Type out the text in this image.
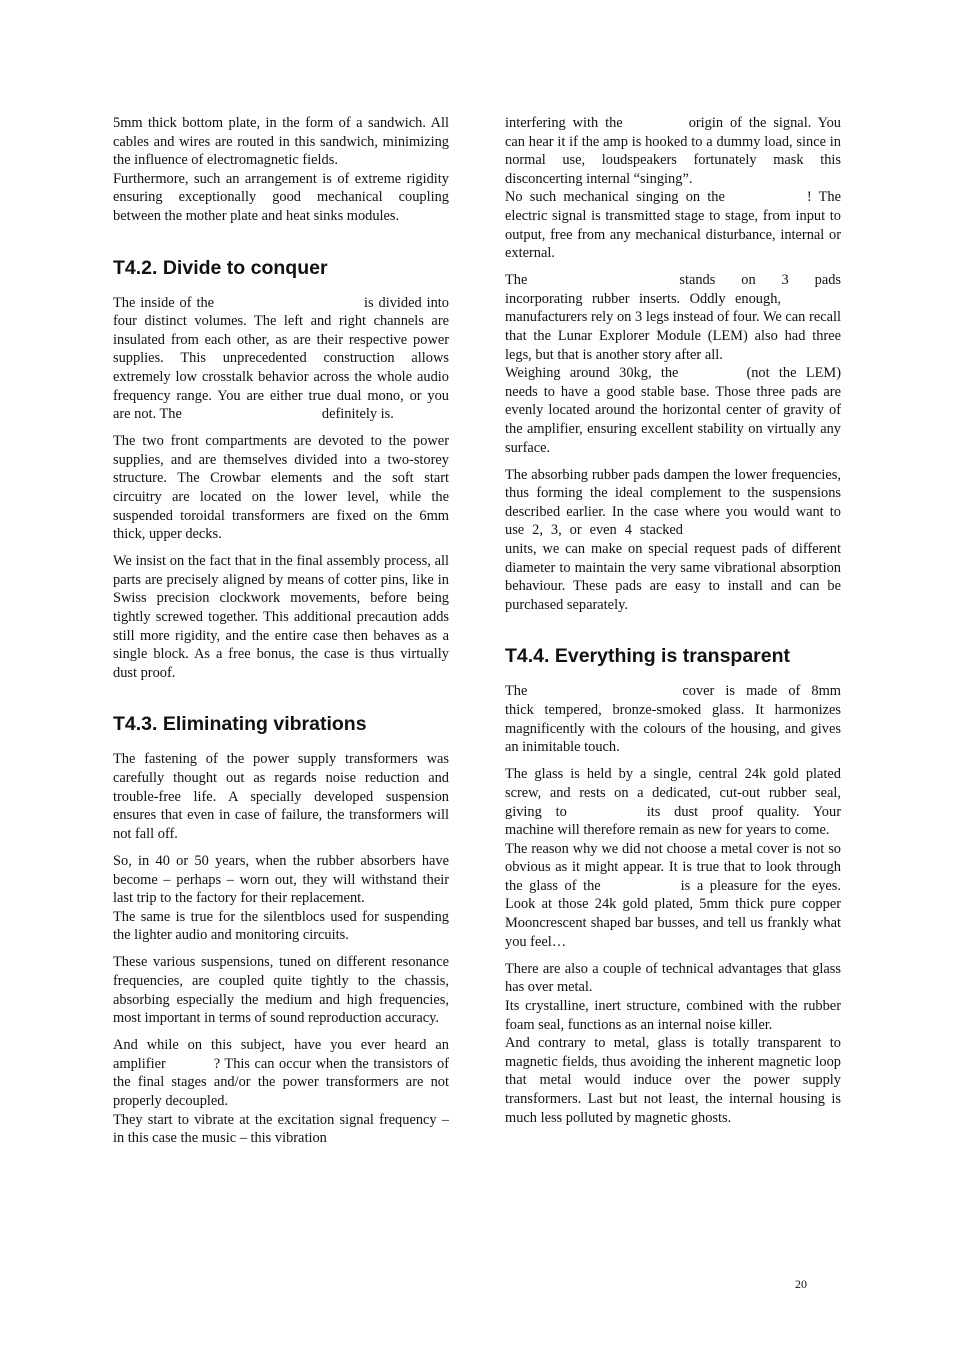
5mm thick bottom plate, in the form of a sandwich. All cables and wires are routed in this sandwich, minimizing the influence of electromagnetic fields.

Furthermore, such an arrangement is of extreme rigidity ensuring exceptionally good mechanical coupling between the mother plate and heat sinks modules.

T4.2. Divide to conquer

The inside of the	is divided into four distinct volumes. The left and right channels are insulated from each other, as are their respective power supplies. This unprecedented construction allows extremely low crosstalk behavior across the whole audio frequency range. You are either true dual mono, or you are not. The	definitely is.

The two front compartments are devoted to the power supplies, and are themselves divided into a two-storey structure. The Crowbar elements and the soft start circuitry are located on the lower level, while the suspended toroidal transformers are fixed on the 6mm thick, upper decks.

We insist on the fact that in the final assembly process, all parts are precisely aligned by means of cotter pins, like in Swiss precision clockwork movements, before being tightly screwed together. This additional precaution adds still more rigidity, and the entire case then behaves as a single block. As a free bonus, the case is thus virtually dust proof.

T4.3. Eliminating vibrations

The fastening of the power supply transformers was carefully thought out as regards noise reduction and trouble-free life. A specially developed suspension ensures that even in case of failure, the transformers will not fall off.

So, in 40 or 50 years, when the rubber absorbers have become – perhaps – worn out, they will withstand their last trip to the factory for their replacement.

The same is true for the silentblocs used for suspending the lighter audio and monitoring circuits.

These various suspensions, tuned on different resonance frequencies, are coupled quite tightly to the chassis, absorbing especially the medium and high frequencies, most important in terms of sound reproduction accuracy.

And while on this subject, have you ever heard an amplifier	? This can occur when the transistors of the final stages and/or the power transformers are not properly decoupled.

They start to vibrate at the excitation signal frequency – in this case the music – this vibration

interfering with the	origin of the signal. You can hear it if the amp is hooked to a dummy load, since in normal use, loudspeakers fortunately mask this disconcerting internal “singing”.

No such mechanical singing on the	! The electric signal is transmitted stage to stage, from input to output, free from any mechanical disturbance, internal or external.

The	stands on 3 pads incorporating rubber inserts. Oddly enough,manufacturers rely on 3 legs instead of four. We can recall that the Lunar Explorer Module (LEM) also had three legs, but that is another story after all.

Weighing around 30kg, the	(not the LEM) needs to have a good stable base. Those three pads are evenly located around the horizontal center of gravity of the amplifier, ensuring excellent stability on virtually any surface.

The absorbing rubber pads dampen the lower frequencies, thus forming the ideal complement to the suspensions described earlier. In the case where you would want to use 2, 3, or even 4 stackedunits, we can make on special request pads of different diameter to maintain the very same vibrational absorption behaviour. These pads are easy to install and can be purchased separately.

T4.4. Everything is transparent

The	cover is made of 8mm thick tempered, bronze-smoked glass. It harmonizes magnificently with the colours of the housing, and gives an inimitable touch.

The glass is held by a single, central 24k gold plated screw, and rests on a dedicated, cut-out rubber seal, giving to	its dust proof quality. Your machine will therefore remain as new for years to come.

The reason why we did not choose a metal cover is not so obvious as it might appear. It is true that to look through the glass of the	is a pleasure for the eyes. Look at those 24k gold plated, 5mm thick pure copper Mooncrescent shaped bar busses, and tell us frankly what you feel…

There are also a couple of technical advantages that glass has over metal.

Its crystalline, inert structure, combined with the rubber foam seal, functions as an internal noise killer.

And contrary to metal, glass is totally transparent to magnetic fields, thus avoiding the inherent magnetic loop that metal would induce over the power supply transformers. Last but not least, the internal housing is much less polluted by magnetic ghosts.

20
